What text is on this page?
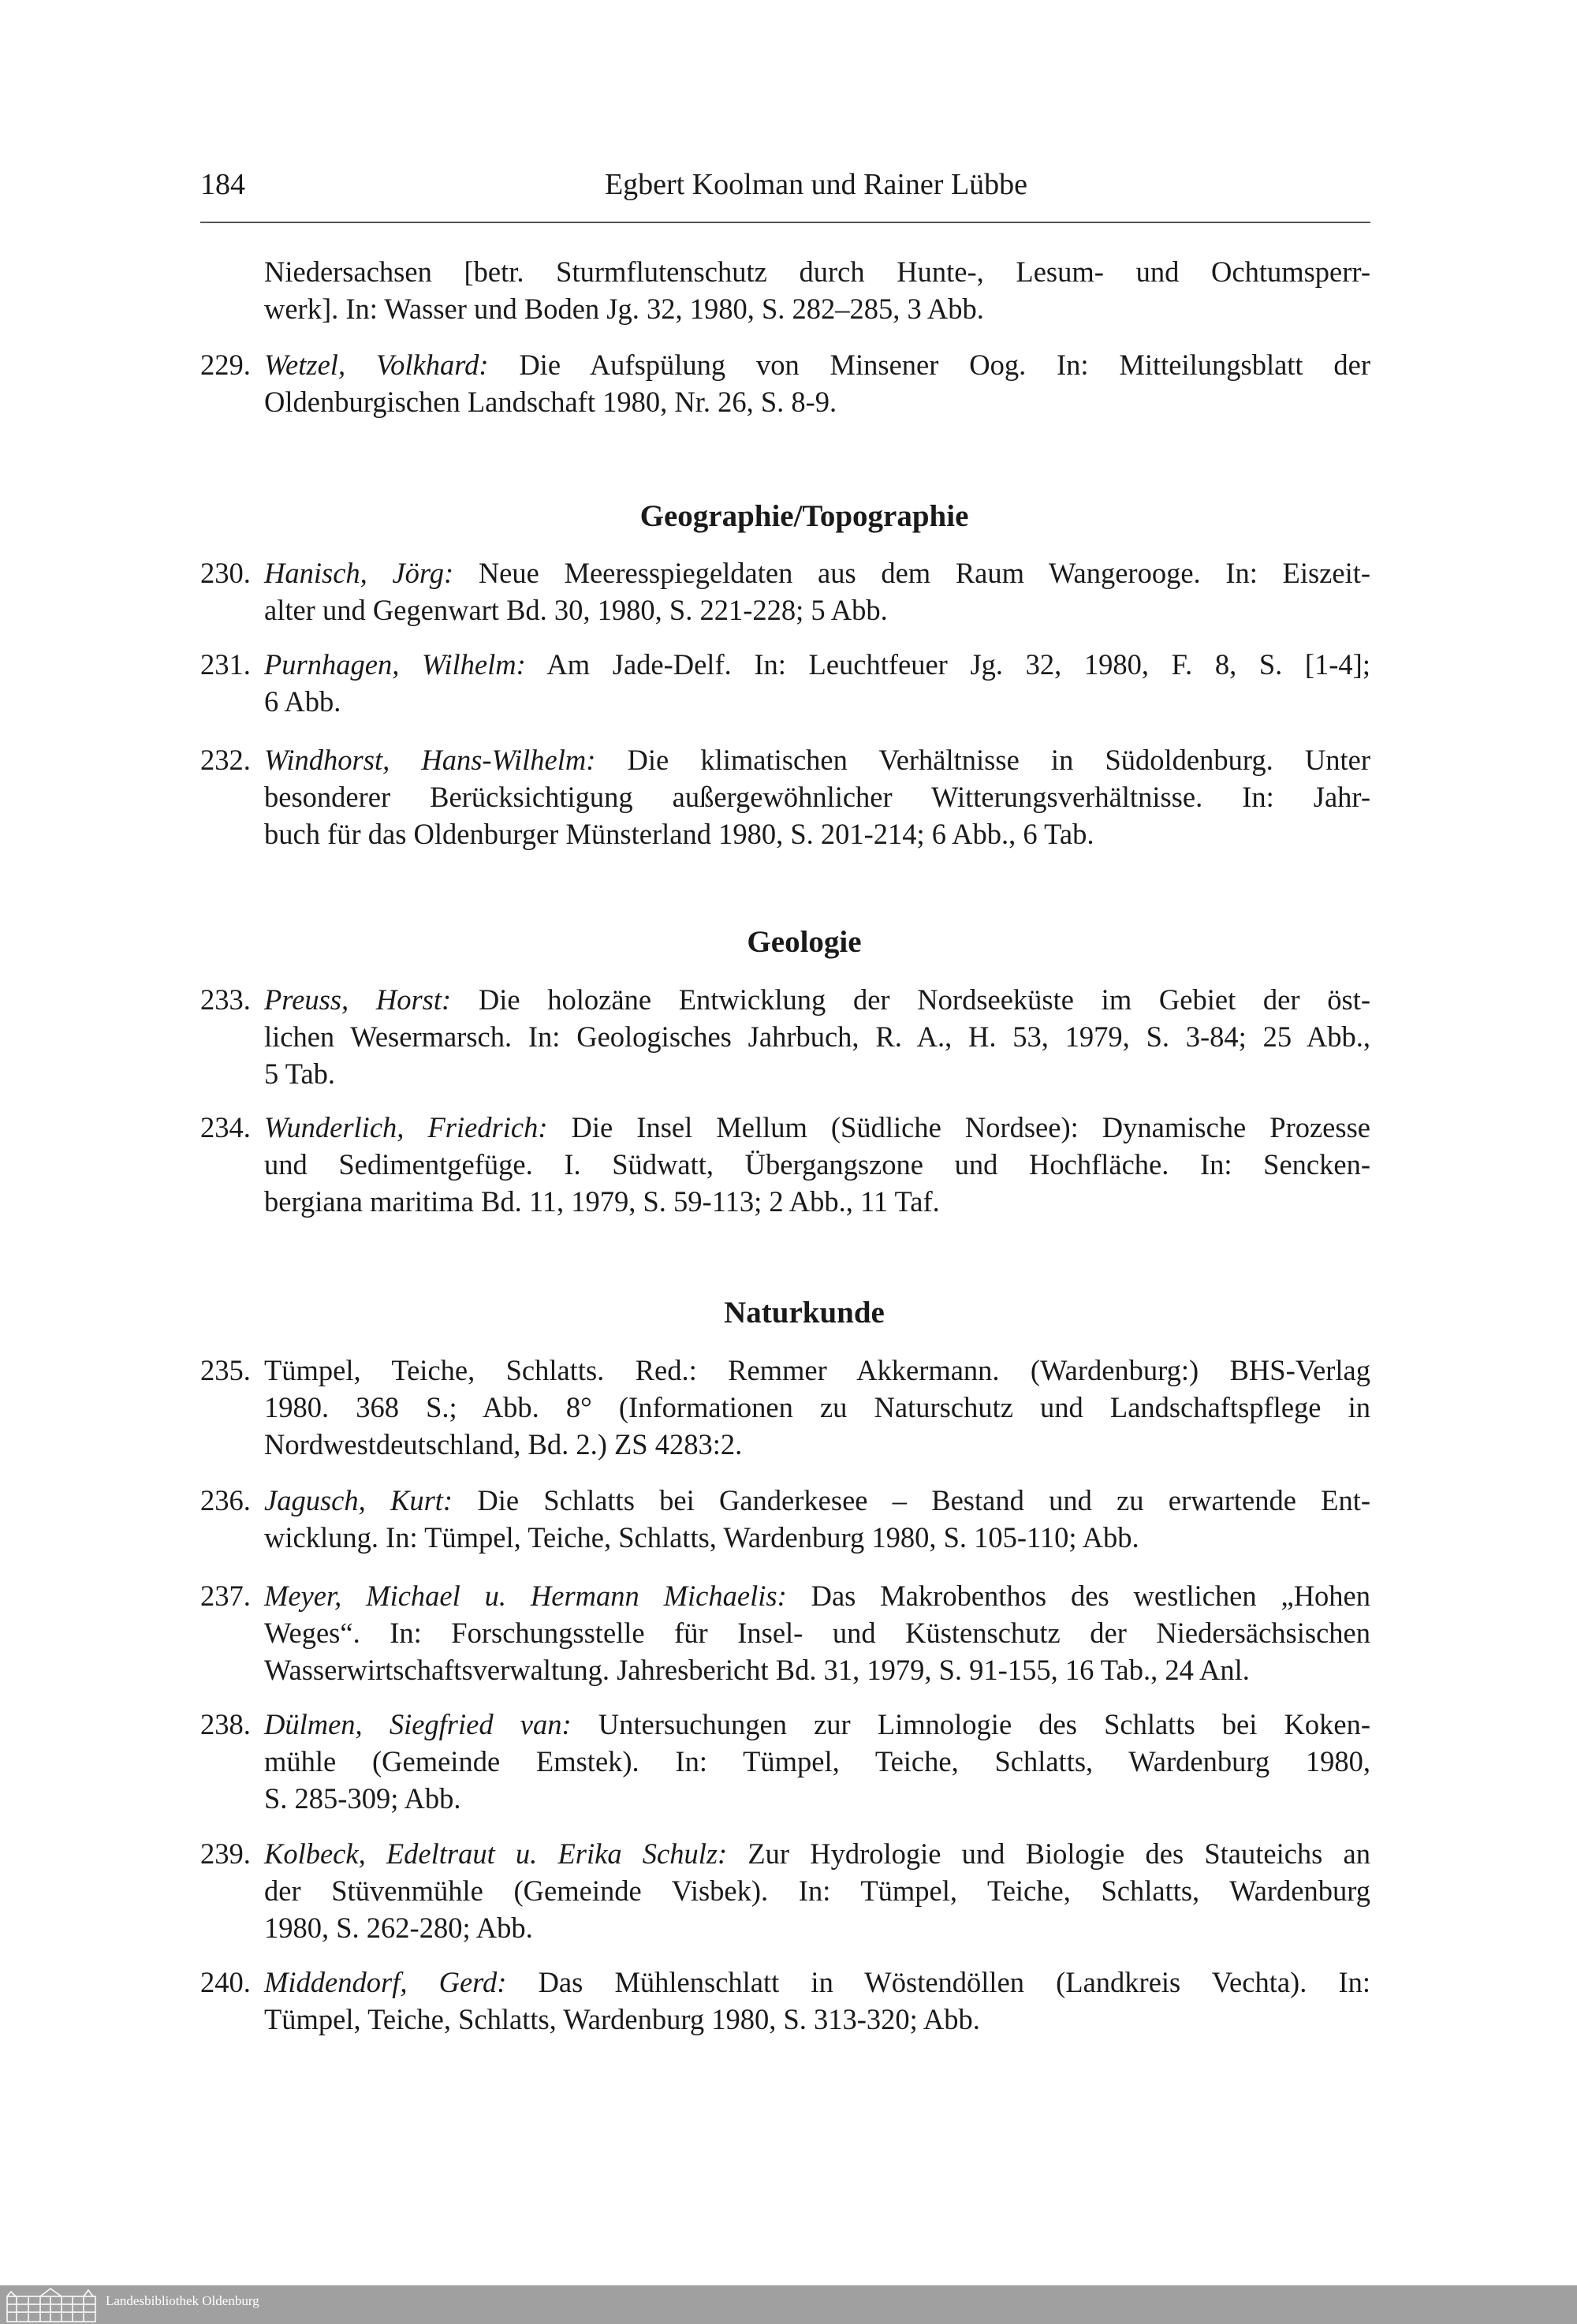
184	Egbert Koolman und Rainer Lübbe
Geographie/Topographie
Geologie
Naturkunde
Niedersachsen [betr. Sturmflutenschutz durch Hunte-, Lesum- und Ochtumsperr-
werk]. In: Wasser und Boden Jg. 32, 1980, S. 282–285, 3 Abb.
229. Wetzel, Volkhard: Die Aufspülung von Minsener Oog. In: Mitteilungsblatt der
Oldenburgischen Landschaft 1980, Nr. 26, S. 8-9.
230. Hanisch, Jörg: Neue Meeresspiegeldaten aus dem Raum Wangerooge. In: Eiszeit-
alter und Gegenwart Bd. 30, 1980, S. 221-228; 5 Abb.
231. Purnhagen, Wilhelm: Am Jade-Delf. In: Leuchtfeuer Jg. 32, 1980, F. 8, S. [1-4];
6 Abb.
232. Windhorst, Hans-Wilhelm: Die klimatischen Verhältnisse in Südoldenburg. Unter
besonderer Berücksichtigung außergewöhnlicher Witterungsverhältnisse. In: Jahr-
buch für das Oldenburger Münsterland 1980, S. 201-214; 6 Abb., 6 Tab.
233. Preuss, Horst: Die holozäne Entwicklung der Nordseeküste im Gebiet der öst-
lichen Wesermarsch. In: Geologisches Jahrbuch, R. A., H. 53, 1979, S. 3-84; 25 Abb.,
5 Tab.
234. Wunderlich, Friedrich: Die Insel Mellum (Südliche Nordsee): Dynamische Prozesse
und Sedimentgefüge. I. Südwatt, Übergangszone und Hochfläche. In: Sencken-
bergiana maritima Bd. 11, 1979, S. 59-113; 2 Abb., 11 Taf.
235. Tümpel, Teiche, Schlatts. Red.: Remmer Akkermann. (Wardenburg:) BHS-Verlag
1980. 368 S.; Abb. 8° (Informationen zu Naturschutz und Landschaftspflege in
Nordwestdeutschland, Bd. 2.) ZS 4283:2.
236. Jagusch, Kurt: Die Schlatts bei Ganderkesee – Bestand und zu erwartende Ent-
wicklung. In: Tümpel, Teiche, Schlatts, Wardenburg 1980, S. 105-110; Abb.
237. Meyer, Michael u. Hermann Michaelis: Das Makrobenthos des westlichen „Hohen
Weges“. In: Forschungsstelle für Insel- und Küstenschutz der Niedersächsischen
Wasserwirtschaftsverwaltung. Jahresbericht Bd. 31, 1979, S. 91-155, 16 Tab., 24 Anl.
238. Dülmen, Siegfried van: Untersuchungen zur Limnologie des Schlatts bei Koken-
mühle (Gemeinde Emstek). In: Tümpel, Teiche, Schlatts, Wardenburg 1980,
S. 285-309; Abb.
239. Kolbeck, Edeltraut u. Erika Schulz: Zur Hydrologie und Biologie des Stauteichs an
der Stüvenmühle (Gemeinde Visbek). In: Tümpel, Teiche, Schlatts, Wardenburg
1980, S. 262-280; Abb.
240. Middendorf, Gerd: Das Mühlenschlatt in Wöstendöllen (Landkreis Vechta). In:
Tümpel, Teiche, Schlatts, Wardenburg 1980, S. 313-320; Abb.
Landesbibliothek Oldenburg
